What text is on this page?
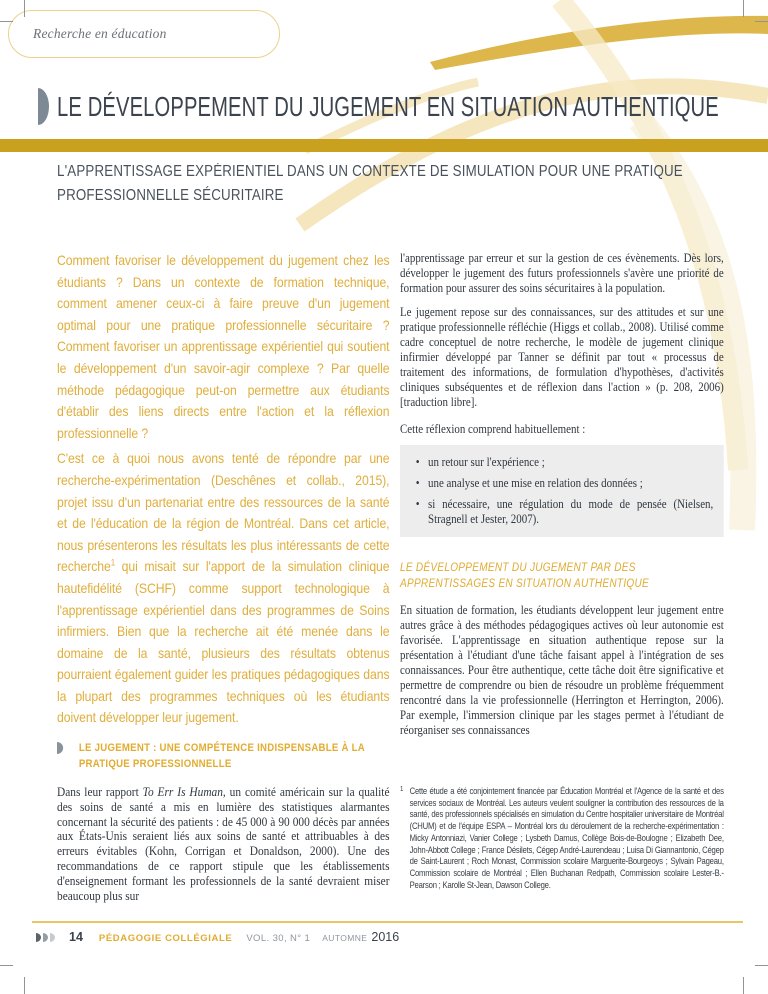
Recherche en éducation
LE DÉVELOPPEMENT DU JUGEMENT EN SITUATION AUTHENTIQUE
L'APPRENTISSAGE EXPÉRIENTIEL DANS UN CONTEXTE DE SIMULATION POUR UNE PRATIQUE PROFESSIONNELLE SÉCURITAIRE

Comment favoriser le développement du jugement chez les étudiants ? Dans un contexte de formation technique, comment amener ceux-ci à faire preuve d'un jugement optimal pour une pratique professionnelle sécuritaire ? Comment favoriser un apprentissage expérientiel qui soutient le développement d'un savoir-agir complexe ? Par quelle méthode pédagogique peut-on permettre aux étudiants d'établir des liens directs entre l'action et la réflexion professionnelle ?

C'est ce à quoi nous avons tenté de répondre par une recherche-expérimentation (Deschênes et collab., 2015), projet issu d'un partenariat entre des ressources de la santé et de l'éducation de la région de Montréal. Dans cet article, nous présenterons les résultats les plus intéressants de cette recherche$^1$ qui misait sur l'apport de la simulation clinique hautefidélité (SCHF) comme support technologique à l'apprentissage expérientiel dans des programmes de Soins infirmiers. Bien que la recherche ait été menée dans le domaine de la santé, plusieurs des résultats obtenus pourraient également guider les pratiques pédagogiques dans la plupart des programmes techniques où les étudiants doivent développer leur jugement.

LE JUGEMENT : UNE COMPÉTENCE INDISPENSABLE À LA PRATIQUE PROFESSIONNELLE

Dans leur rapport To Err Is Human, un comité américain sur la qualité des soins de santé a mis en lumière des statistiques alarmantes concernant la sécurité des patients : de 45 000 à 90 000 décès par années aux États-Unis seraient liés aux soins de santé et attribuables à des erreurs évitables (Kohn, Corrigan et Donaldson, 2000). Une des recommandations de ce rapport stipule que les établissements d'enseignement formant les professionnels de la santé devraient miser beaucoup plus sur

l'apprentissage par erreur et sur la gestion de ces évènements. Dès lors, développer le jugement des futurs professionnels s'avère une priorité de formation pour assurer des soins sécuritaires à la population.

Le jugement repose sur des connaissances, sur des attitudes et sur une pratique professionnelle réfléchie (Higgs et collab., 2008). Utilisé comme cadre conceptuel de notre recherche, le modèle de jugement clinique infirmier développé par Tanner se définit par tout « processus de traitement des informations, de formulation d'hypothèses, d'activités cliniques subséquentes et de réflexion dans l'action » (p. 208, 2006) [traduction libre].

Cette réflexion comprend habituellement :

• un retour sur l'expérience ;
• une analyse et une mise en relation des données ;
• si nécessaire, une régulation du mode de pensée (Nielsen, Stragnell et Jester, 2007).
LE DÉVELOPPEMENT DU JUGEMENT PAR DES APPRENTISSAGES EN SITUATION AUTHENTIQUE

En situation de formation, les étudiants développent leur jugement entre autres grâce à des méthodes pédagogiques actives où leur autonomie est favorisée. L'apprentissage en situation authentique repose sur la présentation à l'étudiant d'une tâche faisant appel à l'intégration de ses connaissances. Pour être authentique, cette tâche doit être significative et permettre de comprendre ou bien de résoudre un problème fréquemment rencontré dans la vie professionnelle (Herrington et Herrington, 2006). Par exemple, l'immersion clinique par les stages permet à l'étudiant de réorganiser ses connaissances

1 Cette étude a été conjointement financée par Éducation Montréal et l'Agence de la santé et des services sociaux de Montréal. Les auteurs veulent souligner la contribution des ressources de la santé, des professionnels spécialisés en simulation du Centre hospitalier universitaire de Montréal (CHUM) et de l'équipe ESPA – Montréal lors du déroulement de la recherche-expérimentation : Micky Antonniazi, Vanier College ; Lysbeth Damus, Collège Bois-de-Boulogne ; Elizabeth Dee, John-Abbott College ; France Désilets, Cégep André-Laurendeau ; Luisa Di Giannantonio, Cégep de Saint-Laurent ; Roch Monast, Commission scolaire Marguerite-Bourgeoys ; Sylvain Pageau, Commission scolaire de Montréal ; Ellen Buchanan Redpath, Commission scolaire Lester-B.-Pearson ; Karolle St-Jean, Dawson College.
14 PÉDAGOGIE COLLÉGIALE VOL. 30, N° 1 AUTOMNE 2016
